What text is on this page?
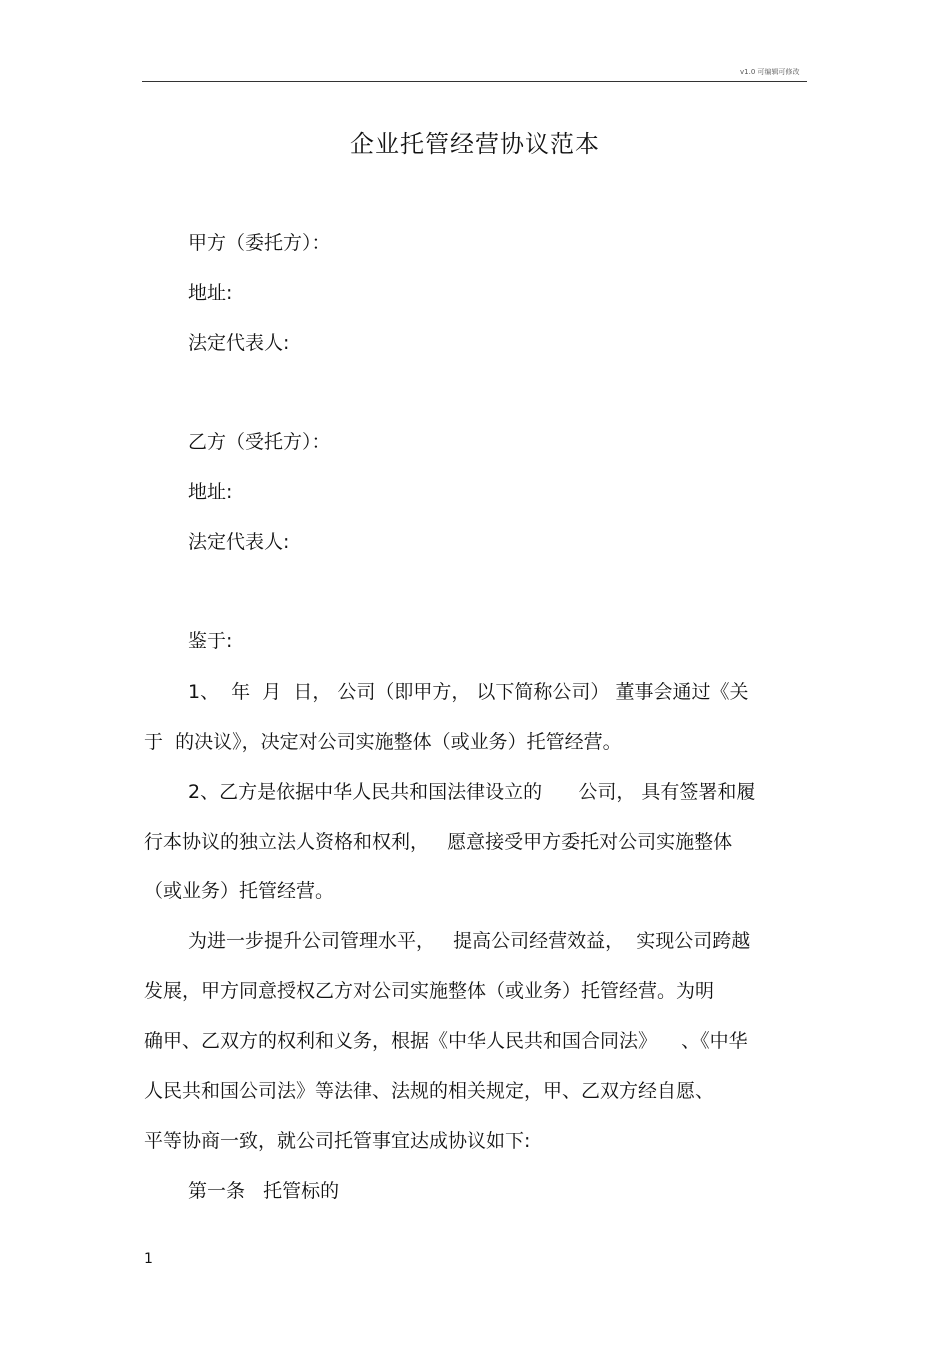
v1.0 可编辑可修改
企业托管经营协议范本
甲方（委托方）：
地址:
法定代表人:
乙方（受托方）：
地址:
法定代表人:
鉴于:
1、  年  月  日， 公司（即甲方， 以下简称公司） 董事会通过《关
于  的决议》，决定对公司实施整体（或业务）托管经营。
2、乙方是依据中华人民共和国法律设立的      公司， 具有签署和履
行本协议的独立法人资格和权利，   愿意接受甲方委托对公司实施整体
（或业务）托管经营。
为进一步提升公司管理水平，   提高公司经营效益，  实现公司跨越
发展，甲方同意授权乙方对公司实施整体（或业务）托管经营。为明
确甲、乙双方的权利和义务，根据《中华人民共和国合同法》    、《中华
人民共和国公司法》等法律、法规的相关规定，甲、乙双方经自愿、
平等协商一致，就公司托管事宜达成协议如下:
第一条   托管标的
1
